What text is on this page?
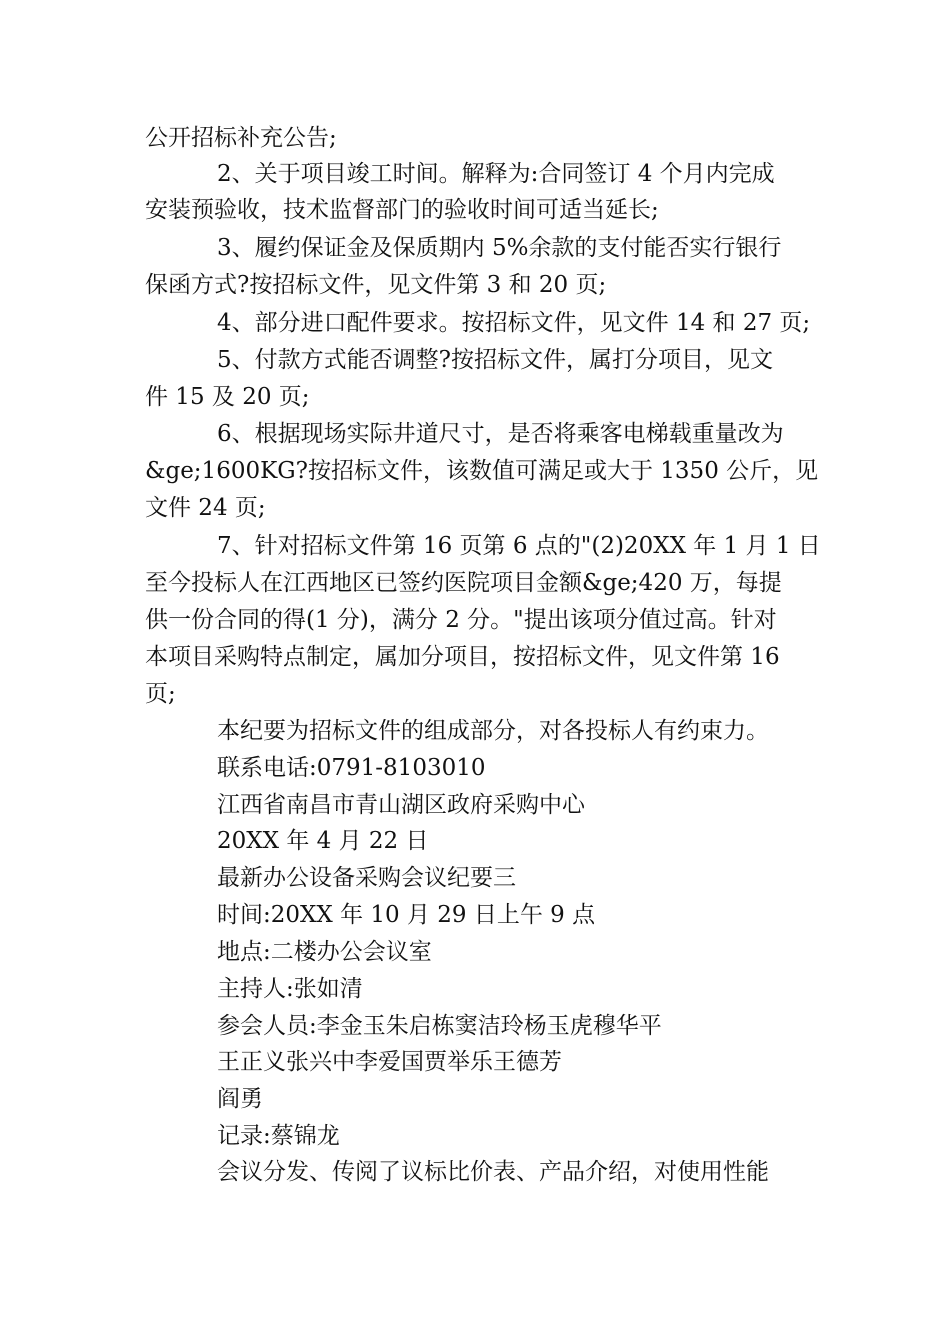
公开招标补充公告;
2、关于项目竣工时间。解释为:合同签订 4 个月内完成
安装预验收，技术监督部门的验收时间可适当延长;
3、履约保证金及保质期内 5%余款的支付能否实行银行
保函方式?按招标文件，见文件第 3 和 20 页;
4、部分进口配件要求。按招标文件，见文件 14 和 27 页;
5、付款方式能否调整?按招标文件，属打分项目，见文
件 15 及 20 页;
6、根据现场实际井道尺寸，是否将乘客电梯载重量改为
&ge;1600KG?按招标文件，该数值可满足或大于 1350 公斤，见
文件 24 页;
7、针对招标文件第 16 页第 6 点的"(2)20XX 年 1 月 1 日
至今投标人在江西地区已签约医院项目金额&ge;420 万，每提
供一份合同的得(1 分)，满分 2 分。"提出该项分值过高。针对
本项目采购特点制定，属加分项目，按招标文件，见文件第 16
页;
本纪要为招标文件的组成部分，对各投标人有约束力。
联系电话:0791-8103010
江西省南昌市青山湖区政府采购中心
20XX 年 4 月 22 日
最新办公设备采购会议纪要三
时间:20XX 年 10 月 29 日上午 9 点
地点:二楼办公会议室
主持人:张如清
参会人员:李金玉朱启栋窦洁玲杨玉虎穆华平
王正义张兴中李爱国贾举乐王德芳
阎勇
记录:蔡锦龙
会议分发、传阅了议标比价表、产品介绍，对使用性能
